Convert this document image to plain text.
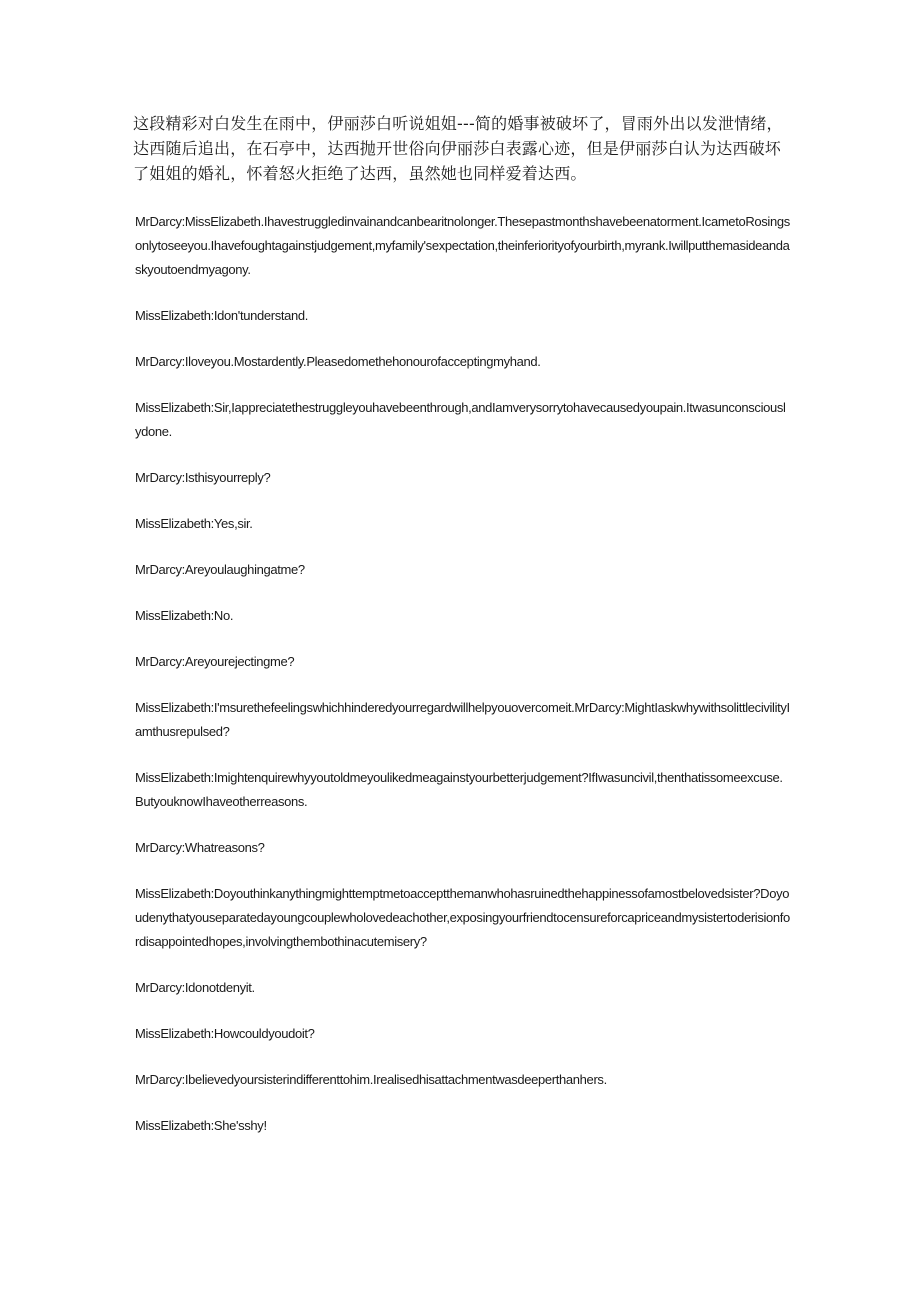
这段精彩对白发生在雨中，伊丽莎白听说姐姐---简的婚事被破坏了，冒雨外出以发泄情绪，达西随后追出，在石亭中，达西抛开世俗向伊丽莎白表露心迹，但是伊丽莎白认为达西破坏了姐姐的婚礼，怀着怒火拒绝了达西，虽然她也同样爱着达西。

MrDarcy:MissElizabeth.Ihavestruggledinvainandcanbearitnolonger.Thesepastmonthshavebeenatorment.IcametoRosingsonlytoseeyou.Ihavefoughtagainstjudgement,myfamily'sexpectation,theinferiorityofyourbirth,myrank.Iwillputthemasideandaskyoutoendmyagony.

MissElizabeth:Idon'tunderstand.

MrDarcy:Iloveyou.Mostardently.Pleasedomethehonourofacceptingmyhand.

MissElizabeth:Sir,Iappreciatethestruggleyouhavebeenthrough,andIamverysorrytohavecausedyoupain.Itwasunconsciouslydone.

MrDarcy:Isthisyourreply?

MissElizabeth:Yes,sir.

MrDarcy:Areyoulaughingatme?

MissElizabeth:No.

MrDarcy:Areyourejectingme?

MissElizabeth:I'msurethefeelingswhichhinderedyourregardwillhelpyouovercomeit.MrDarcy:MightIaskwhywithsolittlecivilityIamthusrepulsed?

MissElizabeth:Imightenquirewhyyoutoldmeyoulikedmeagainstyourbetterjudgement?IfIwasuncivil,thenthatissomeexcuse.ButyouknowIhaveotherreasons.

MrDarcy:Whatreasons?

MissElizabeth:Doyouthinkanythingmighttemptmetoacceptthemanwhohasruinedthehappinessofamostbelovedsister?Doyoudenythatyouseparatedayoungcouplewholovedeachother,exposingyourfriendtocensureforcapriceandmysistertoderisionfordisappointedhopes,involvingthembothinacutemisery?

MrDarcy:Idonotdenyit.

MissElizabeth:Howcouldyoudoit?

MrDarcy:Ibelievedyoursisterindifferenttohim.Irealisedhisattachmentwasdeeperthanhers.

MissElizabeth:She'sshy!
